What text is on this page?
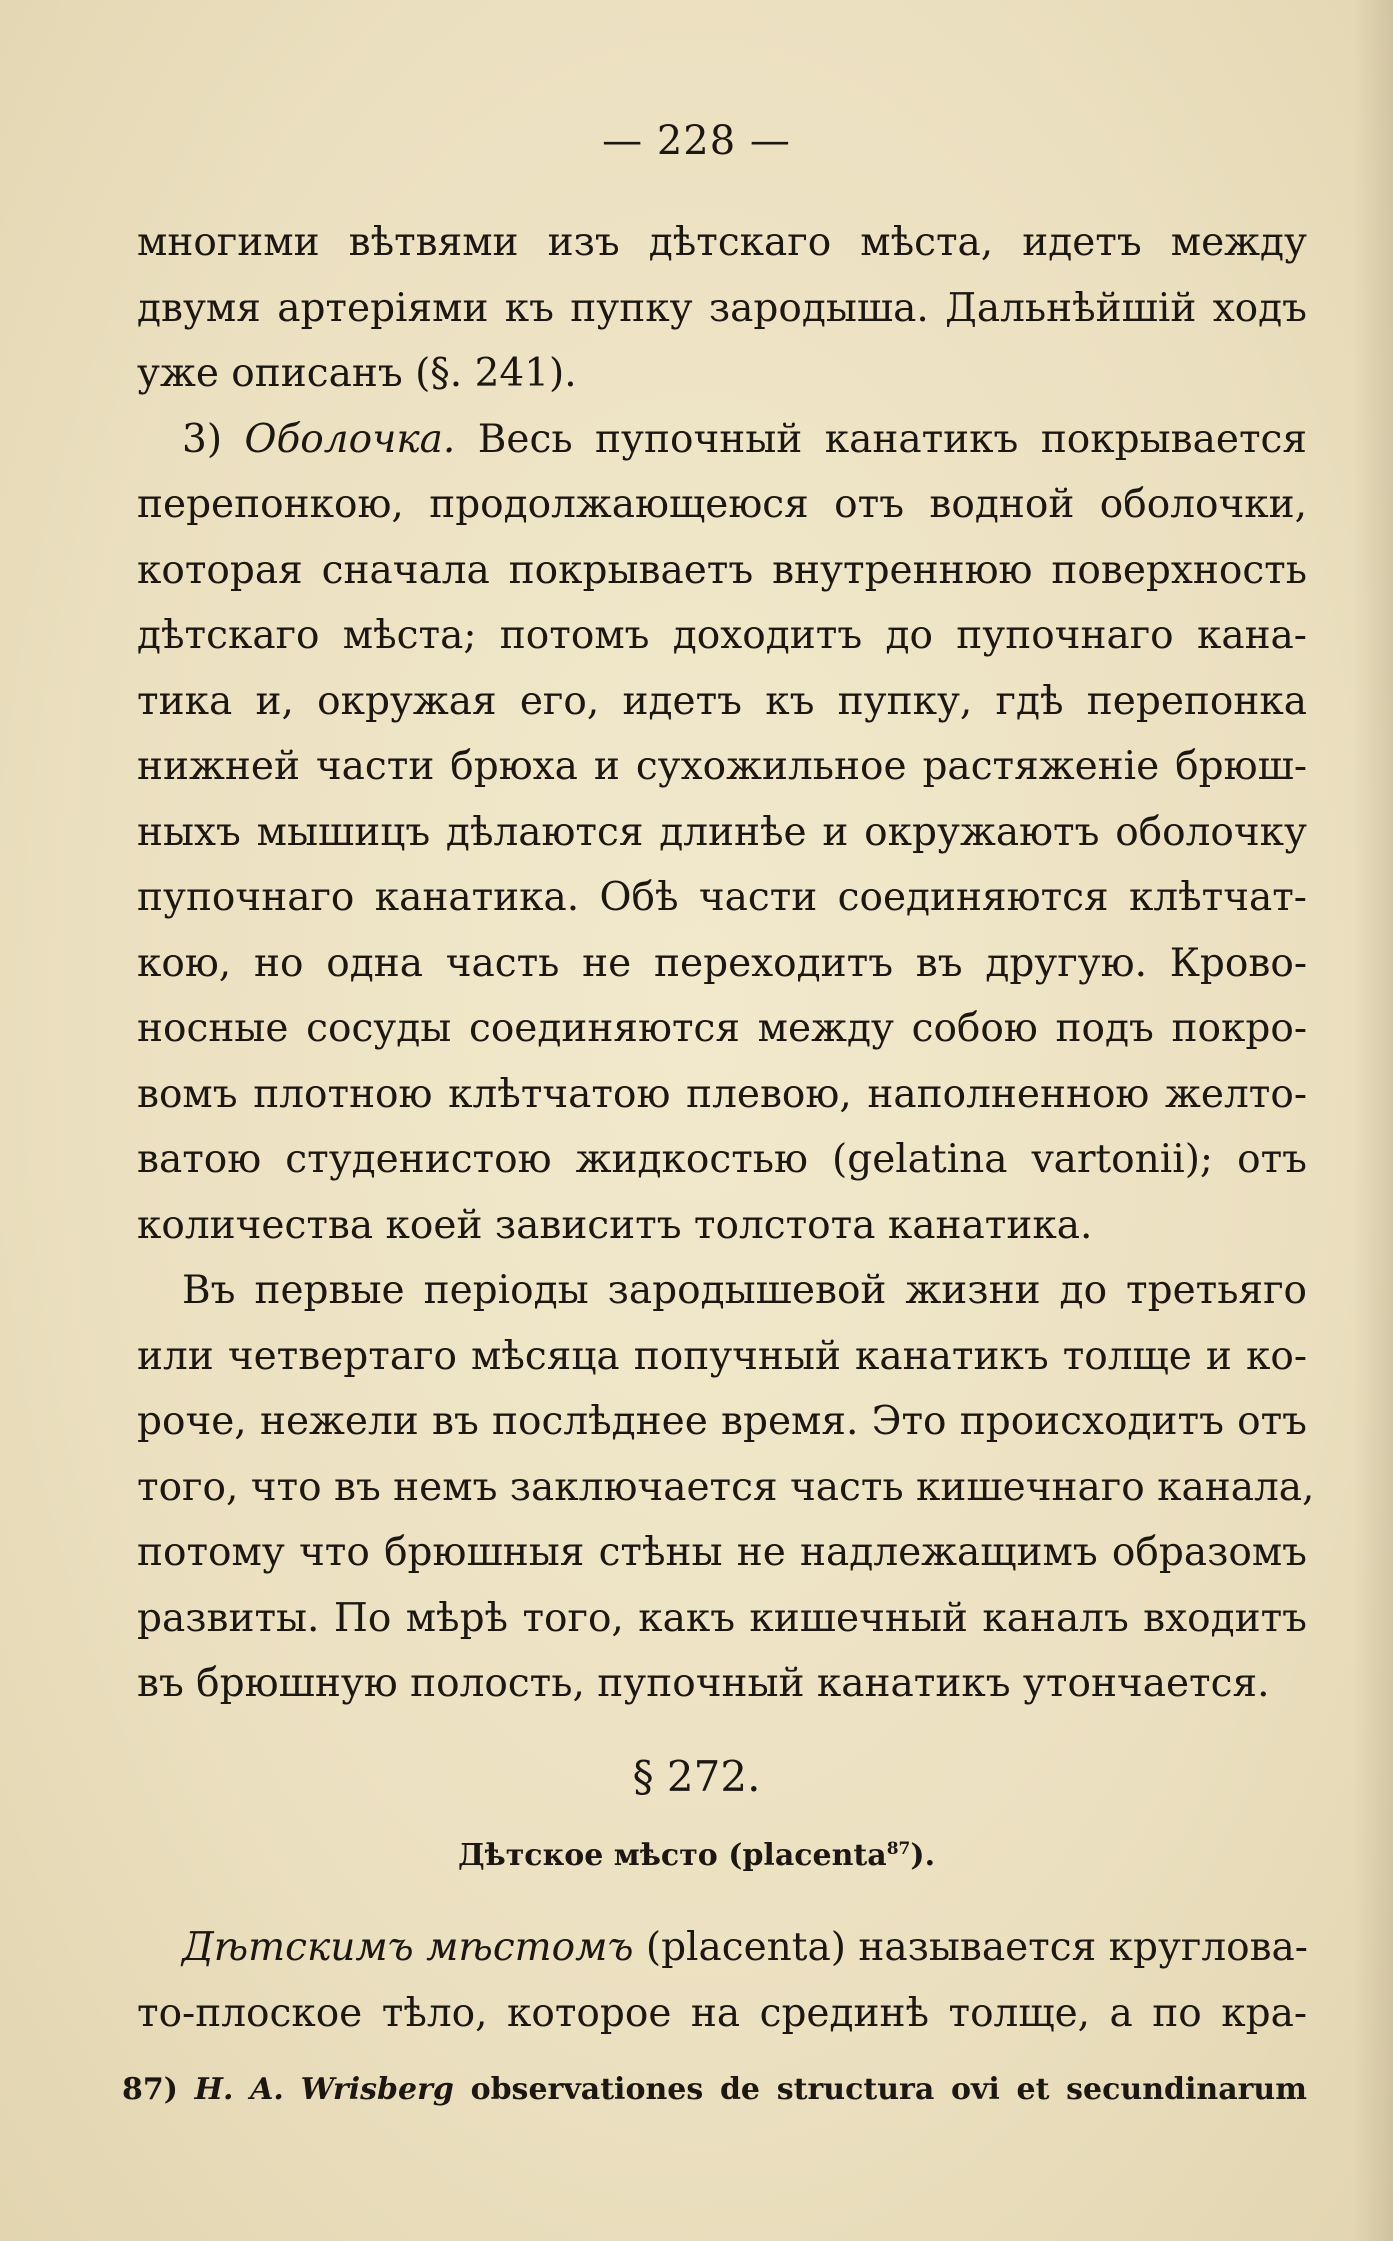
— 228 —
многими вѣтвями изъ дѣтскаго мѣста, идетъ между
двумя артерiями къ пупку зародыша. Дальнѣйшiй ходъ
уже описанъ (§. 241).
3) Оболочка. Весь пупочный канатикъ покрывается
перепонкою, продолжающеюся отъ водной оболочки,
которая сначала покрываетъ внутреннюю поверхность
дѣтскаго мѣста; потомъ доходитъ до пупочнаго кана-
тика и, окружая его, идетъ къ пупку, гдѣ перепонка
нижней части брюха и сухожильное растяженiе брюш-
ныхъ мышицъ дѣлаются длинѣе и окружаютъ оболочку
пупочнаго канатика. Обѣ части соединяются клѣтчат-
кою, но одна часть не переходитъ въ другую. Крово-
носные сосуды соединяются между собою подъ покро-
вомъ плотною клѣтчатою плевою, наполненною желто-
ватою студенистою жидкостью (gelatina vartonii); отъ
количества коей зависитъ толстота канатика.
Въ первые перiоды зародышевой жизни до третьяго
или четвертаго мѣсяца попучный канатикъ толще и ко-
роче, нежели въ послѣднее время. Это происходитъ отъ
того, что въ немъ заключается часть кишечнаго канала,
потому что брюшныя стѣны не надлежащимъ образомъ
развиты. По мѣрѣ того, какъ кишечный каналъ входитъ
въ брюшную полость, пупочный канатикъ утончается.
§ 272.
Дѣтское мѣсто (placenta$^{87}$).
Дѣтскимъ мѣстомъ (placenta) называется круглова-
то-плоское тѣло, которое на срединѣ толще, а по кра-
87) H. A. Wrisberg observationes de structura ovi et secundinarum
